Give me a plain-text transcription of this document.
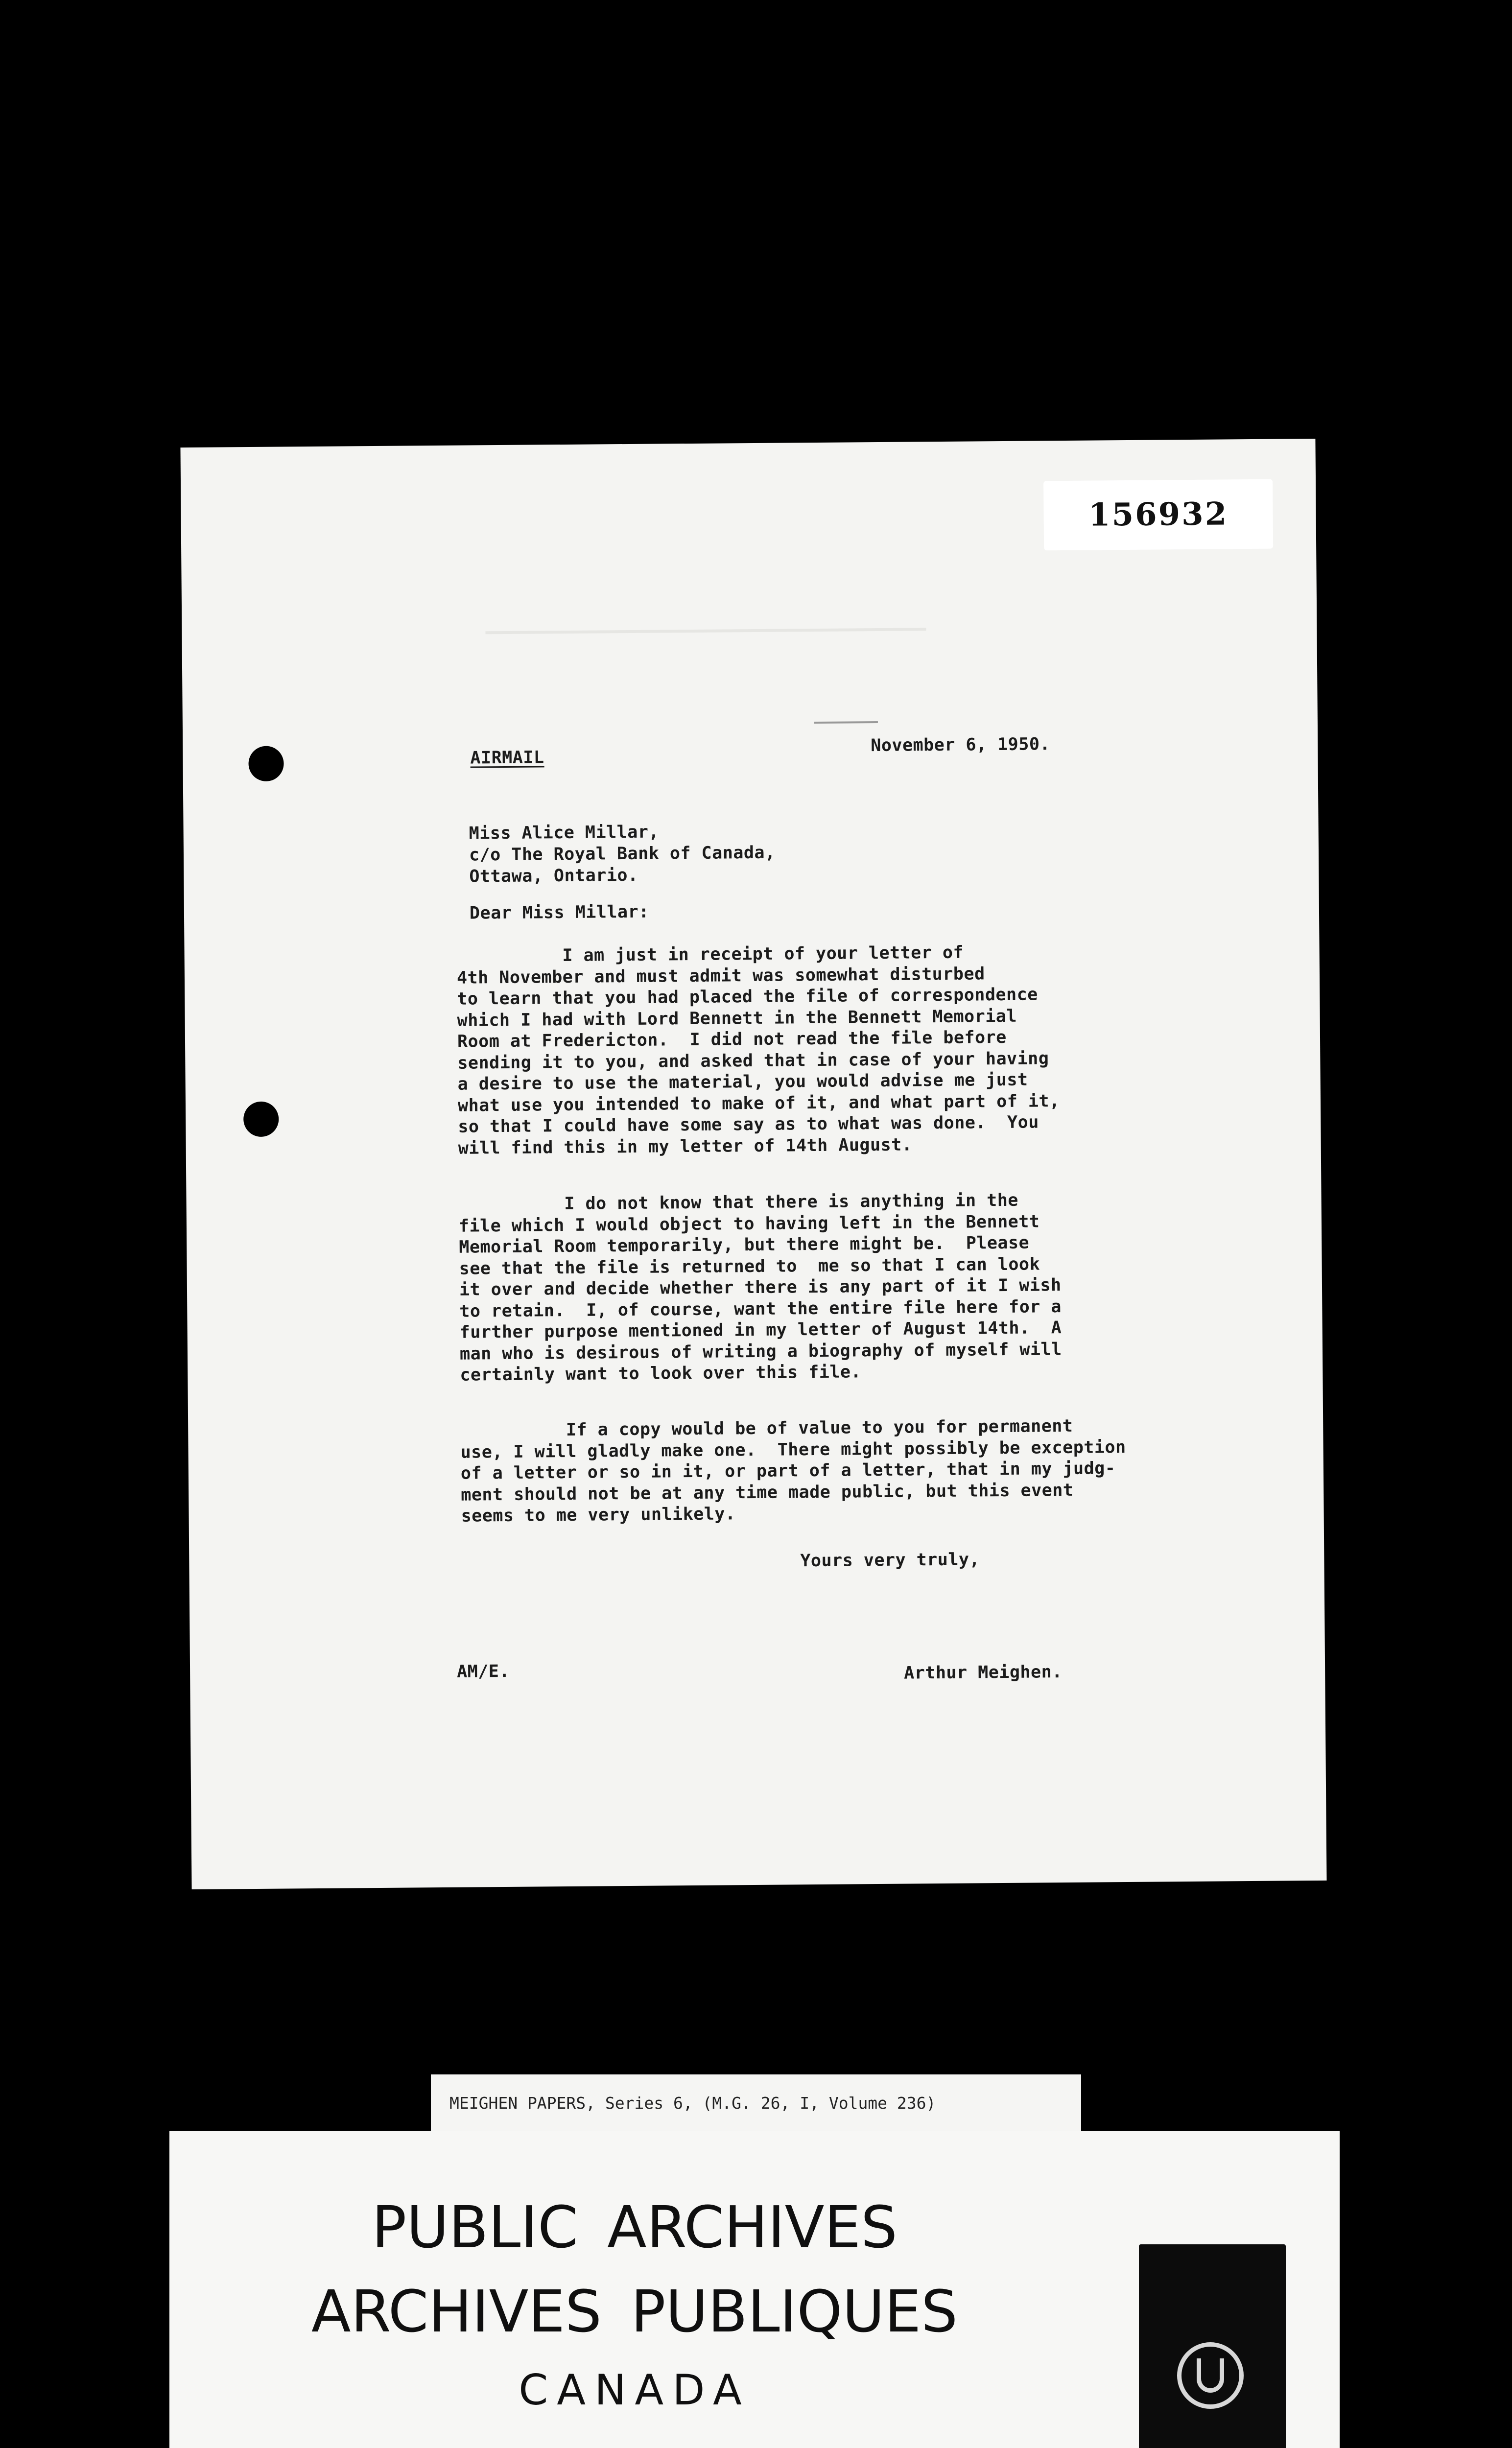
156932
AIRMAIL
November 6, 1950.
Miss Alice Millar,
c/o The Royal Bank of Canada,
Ottawa, Ontario.
Dear Miss Millar:
I am just in receipt of your letter of
4th November and must admit was somewhat disturbed
to learn that you had placed the file of correspondence
which I had with Lord Bennett in the Bennett Memorial
Room at Fredericton.  I did not read the file before
sending it to you, and asked that in case of your having
a desire to use the material, you would advise me just
what use you intended to make of it, and what part of it,
so that I could have some say as to what was done.  You
will find this in my letter of 14th August.
I do not know that there is anything in the
file which I would object to having left in the Bennett
Memorial Room temporarily, but there might be.  Please
see that the file is returned to  me so that I can look
it over and decide whether there is any part of it I wish
to retain.  I, of course, want the entire file here for a
further purpose mentioned in my letter of August 14th.  A
man who is desirous of writing a biography of myself will
certainly want to look over this file.
If a copy would be of value to you for permanent
use, I will gladly make one.  There might possibly be exception
of a letter or so in it, or part of a letter, that in my judg-
ment should not be at any time made public, but this event
seems to me very unlikely.
Yours very truly,
AM/E.	Arthur Meighen.
MEIGHEN PAPERS, Series 6, (M.G. 26, I, Volume 236)
PUBLIC ARCHIVES
ARCHIVES PUBLIQUES
CANADA
